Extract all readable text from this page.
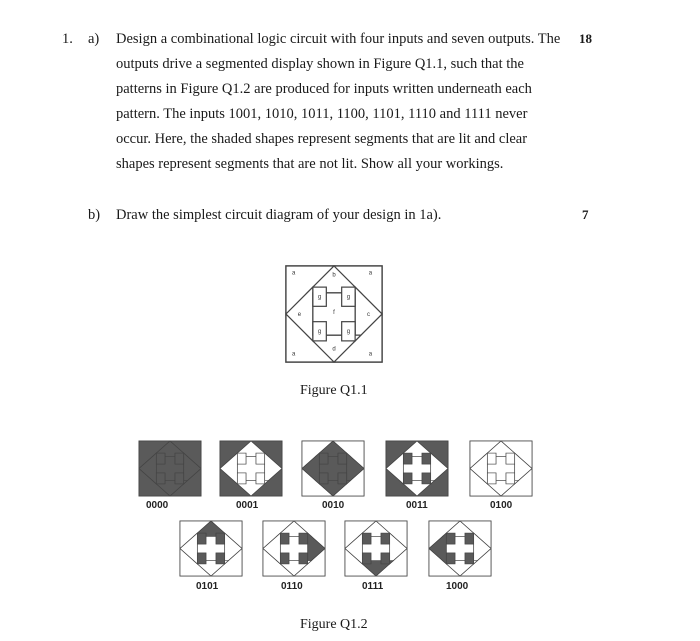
1. a)	18
Design a combinational logic circuit with four inputs and seven outputs. The
outputs drive a segmented display shown in Figure Q1.1, such that the
patterns in Figure Q1.2 are produced for inputs written underneath each
pattern. The inputs 1001, 1010, 1011, 1100, 1101, 1110 and 1111 never
occur. Here, the shaded shapes represent segments that are lit and clear
shapes represent segments that are not lit. Show all your workings.
b) Draw the simplest circuit diagram of your design in 1a).	7
a	a
a
a
b
c
d
e	f
g	g
g	g
Figure Q1.1
0000	0001	0010	0011	0100
0101	0110	0111	1000
Figure Q1.2
